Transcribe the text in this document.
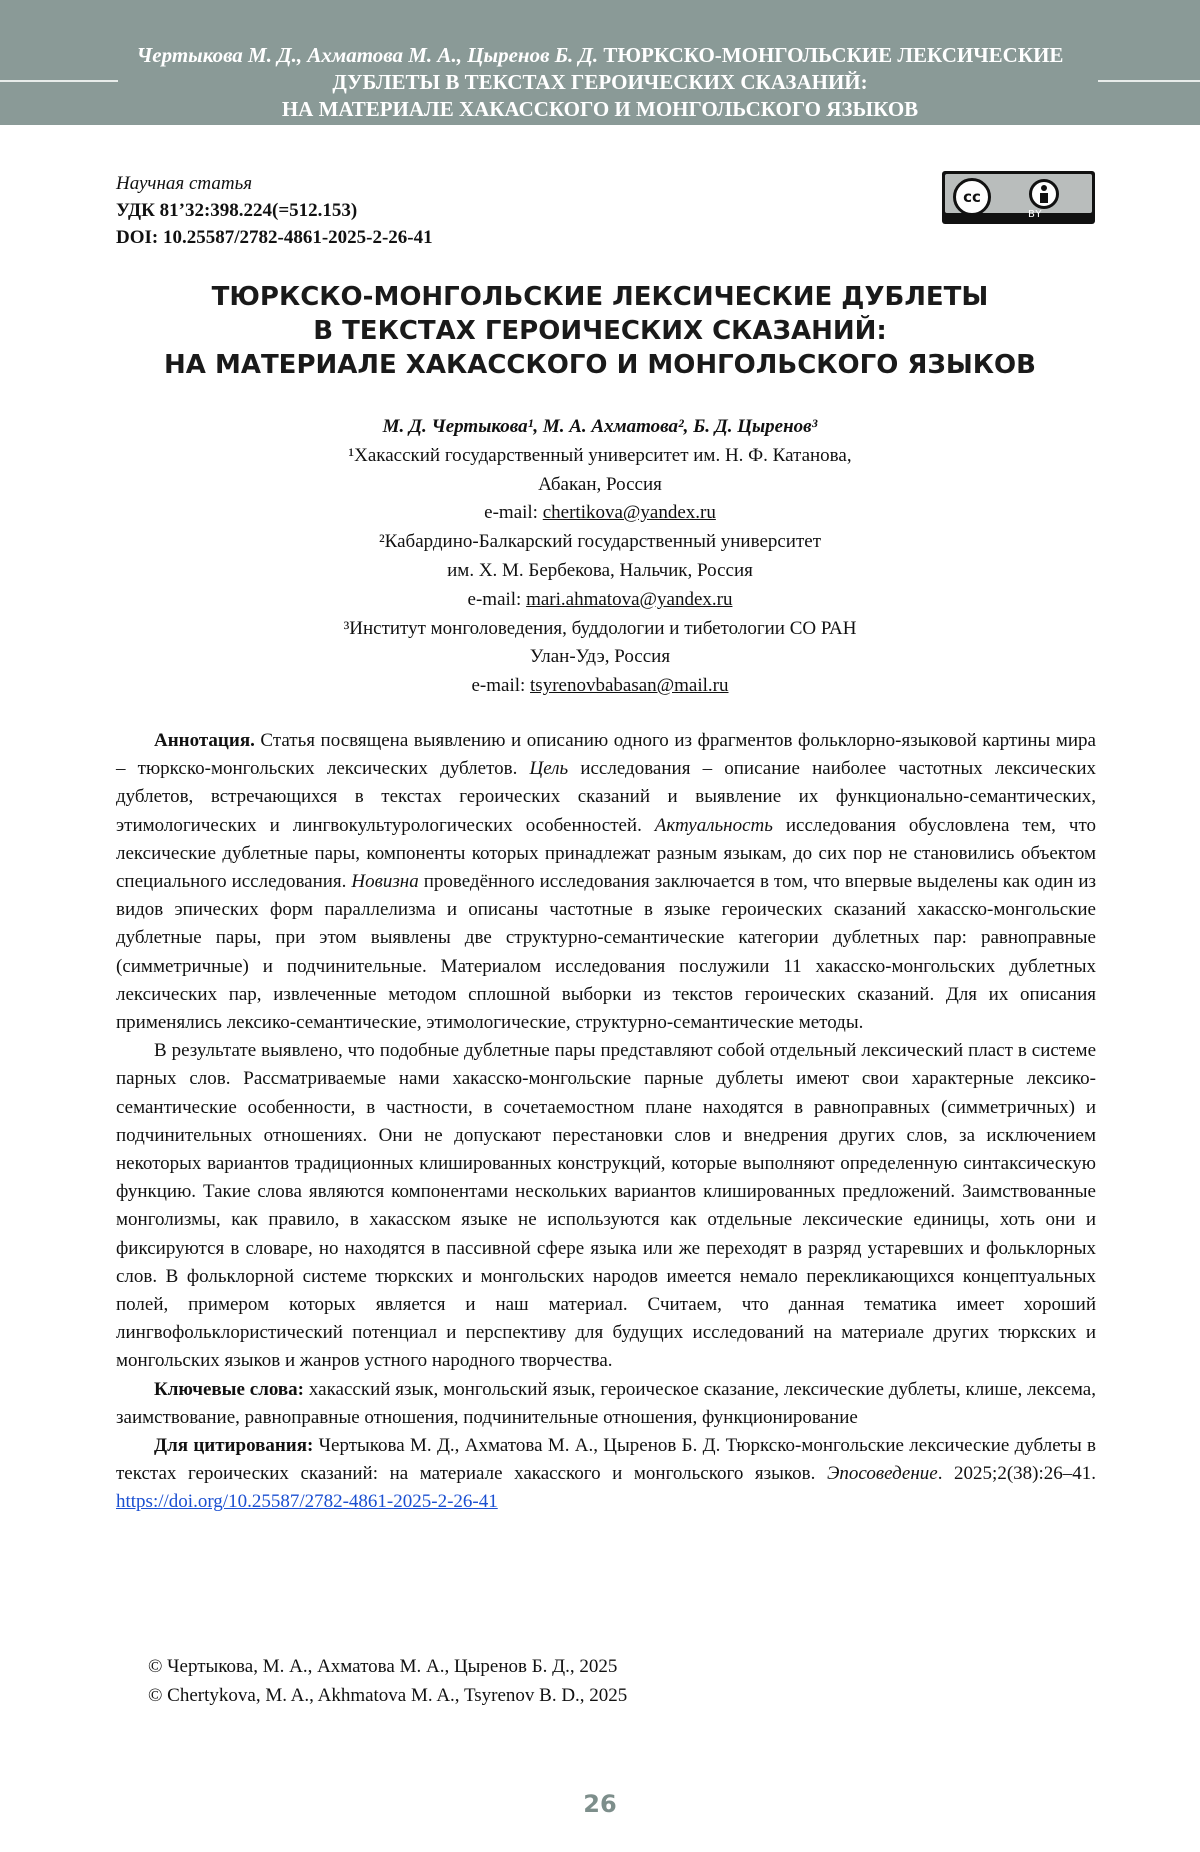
Чертыкова М. Д., Ахматова М. А., Цыренов Б. Д. ТЮРКСКО-МОНГОЛЬСКИЕ ЛЕКСИЧЕСКИЕ
ДУБЛЕТЫ В ТЕКСТАХ ГЕРОИЧЕСКИХ СКАЗАНИЙ:
НА МАТЕРИАЛЕ ХАКАССКОГО И МОНГОЛЬСКОГО ЯЗЫКОВ
Научная статья
УДК 81’32:398.224(=512.153)
DOI: 10.25587/2782-4861-2025-2-26-41
cc
BY
ТЮРКСКО-МОНГОЛЬСКИЕ ЛЕКСИЧЕСКИЕ ДУБЛЕТЫ
В ТЕКСТАХ ГЕРОИЧЕСКИХ СКАЗАНИЙ:
НА МАТЕРИАЛЕ ХАКАССКОГО И МОНГОЛЬСКОГО ЯЗЫКОВ
М. Д. Чертыкова¹, М. А. Ахматова², Б. Д. Цыренов³
¹Хакасский государственный университет им. Н. Ф. Катанова,
Абакан, Россия
e-mail: chertikova@yandex.ru
²Кабардино-Балкарский государственный университет
им. Х. М. Бербекова, Нальчик, Россия
e-mail: mari.ahmatova@yandex.ru
³Институт монголоведения, буддологии и тибетологии СО РАН
Улан-Удэ, Россия
e-mail: tsyrenovbabasan@mail.ru

Аннотация. Статья посвящена выявлению и описанию одного из фрагментов фольклорно-языковой картины мира – тюркско-монгольских лексических дублетов. Цель исследования – описание наиболее частотных лексических дублетов, встречающихся в текстах героических сказаний и выявление их функционально-семантических, этимологических и лингвокультурологических особенностей. Актуальность исследования обусловлена тем, что лексические дублетные пары, компоненты которых принадлежат разным языкам, до сих пор не становились объектом специального исследования. Новизна проведённого исследования заключается в том, что впервые выделены как один из видов эпических форм параллелизма и описаны частотные в языке героических сказаний хакасско-монгольские дублетные пары, при этом выявлены две структурно-семантические категории дублетных пар: равноправные (симметричные) и подчинительные. Материалом исследования послужили 11 хакасско-монгольских дублетных лексических пар, извлеченные методом сплошной выборки из текстов героических сказаний. Для их описания применялись лексико-семантические, этимологические, структурно-семантические методы.

В результате выявлено, что подобные дублетные пары представляют собой отдельный лексический пласт в системе парных слов. Рассматриваемые нами хакасско-монгольские парные дублеты имеют свои характерные лексико-семантические особенности, в частности, в сочетаемостном плане находятся в равноправных (симметричных) и подчинительных отношениях. Они не допускают перестановки слов и внедрения других слов, за исключением некоторых вариантов традиционных клишированных конструкций, которые выполняют определенную синтаксическую функцию. Такие слова являются компонентами нескольких вариантов клишированных предложений. Заимствованные монголизмы, как правило, в хакасском языке не используются как отдельные лексические единицы, хоть они и фиксируются в словаре, но находятся в пассивной сфере языка или же переходят в разряд устаревших и фольклорных слов. В фольклорной системе тюркских и монгольских народов имеется немало перекликающихся концептуальных полей, примером которых является и наш материал. Считаем, что данная тематика имеет хороший лингвофольклористический потенциал и перспективу для будущих исследований на материале других тюркских и монгольских языков и жанров устного народного творчества.

Ключевые слова: хакасский язык, монгольский язык, героическое сказание, лексические дублеты, клише, лексема, заимствование, равноправные отношения, подчинительные отношения, функционирование

Для цитирования: Чертыкова М. Д., Ахматова М. А., Цыренов Б. Д. Тюркско-монгольские лексические дублеты в текстах героических сказаний: на материале хакасского и монгольского языков. Эпосоведение. 2025;2(38):26–41. https://doi.org/10.25587/2782-4861-2025-2-26-41

© Чертыкова, М. А., Ахматова М. А., Цыренов Б. Д., 2025
© Chertykova, M. A., Akhmatova M. A., Tsyrenov B. D., 2025
26
